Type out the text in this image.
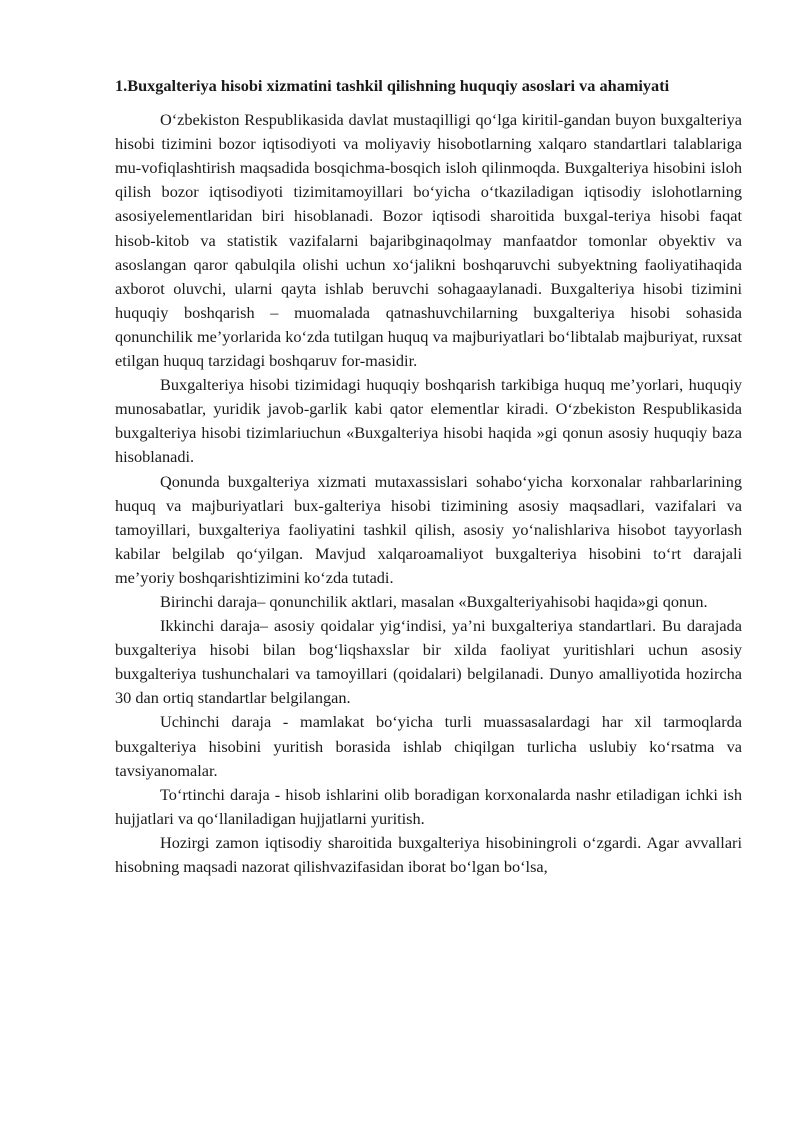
1.Buxgalteriya hisobi xizmatini tashkil qilishning huquqiy asoslari va ahamiyati

O‘zbekiston Respublikasida davlat mustaqilligi qo‘lga kiritil-gandan buyon buxgalteriya hisobi tizimini bozor iqtisodiyoti va moliyaviy hisobotlarning xalqaro standartlari talablariga mu-vofiqlashtirish maqsadida bosqichma-bosqich isloh qilinmoqda. Buxgalteriya hisobini isloh qilish bozor iqtisodiyoti tizimitamoyillari bo‘yicha o‘tkaziladigan iqtisodiy islohotlarning asosiyelementlaridan biri hisoblanadi. Bozor iqtisodi sharoitida buxgal-teriya hisobi faqat hisob-kitob va statistik vazifalarni bajaribginaqolmay manfaatdor tomonlar obyektiv va asoslangan qaror qabulqila olishi uchun xo‘jalikni boshqaruvchi subyektning faoliyatihaqida axborot oluvchi, ularni qayta ishlab beruvchi sohagaaylanadi. Buxgalteriya hisobi tizimini huquqiy boshqarish – muomalada qatnashuvchilarning buxgalteriya hisobi sohasida qonunchilik me’yorlarida ko‘zda tutilgan huquq va majburiyatlari bo‘libtalab majburiyat, ruxsat etilgan huquq tarzidagi boshqaruv for-masidir.

Buxgalteriya hisobi tizimidagi huquqiy boshqarish tarkibiga huquq me’yorlari, huquqiy munosabatlar, yuridik javob-garlik kabi qator elementlar kiradi. O‘zbekiston Respublikasida buxgalteriya hisobi tizimlariuchun «Buxgalteriya hisobi haqida »gi qonun asosiy huquqiy baza hisoblanadi.

Qonunda buxgalteriya xizmati mutaxassislari sohabo‘yicha korxonalar rahbarlarining huquq va majburiyatlari bux-galteriya hisobi tizimining asosiy maqsadlari, vazifalari va tamoyillari, buxgalteriya faoliyatini tashkil qilish, asosiy yo‘nalishlariva hisobot tayyorlash kabilar belgilab qo‘yilgan. Mavjud xalqaroamaliyot buxgalteriya hisobini to‘rt darajali me’yoriy boshqarishtizimini ko‘zda tutadi.

Birinchi daraja– qonunchilik aktlari, masalan «Buxgalteriyahisobi haqida»gi qonun.

Ikkinchi daraja– asosiy qoidalar yig‘indisi, ya’ni buxgalteriya standartlari. Bu darajada buxgalteriya hisobi bilan bog‘liqshaxslar bir xilda faoliyat yuritishlari uchun asosiy buxgalteriya tushunchalari va tamoyillari (qoidalari) belgilanadi. Dunyo amalliyotida hozircha 30 dan ortiq standartlar belgilangan.

Uchinchi daraja - mamlakat bo‘yicha turli muassasalardagi har xil tarmoqlarda buxgalteriya hisobini yuritish borasida ishlab chiqilgan turlicha uslubiy ko‘rsatma va tavsiyanomalar.

To‘rtinchi daraja - hisob ishlarini olib boradigan korxonalarda nashr etiladigan ichki ish hujjatlari va qo‘llaniladigan hujjatlarni yuritish.

Hozirgi zamon iqtisodiy sharoitida buxgalteriya hisobiningroli o‘zgardi. Agar avvallari hisobning maqsadi nazorat qilishvazifasidan iborat bo‘lgan bo‘lsa,
